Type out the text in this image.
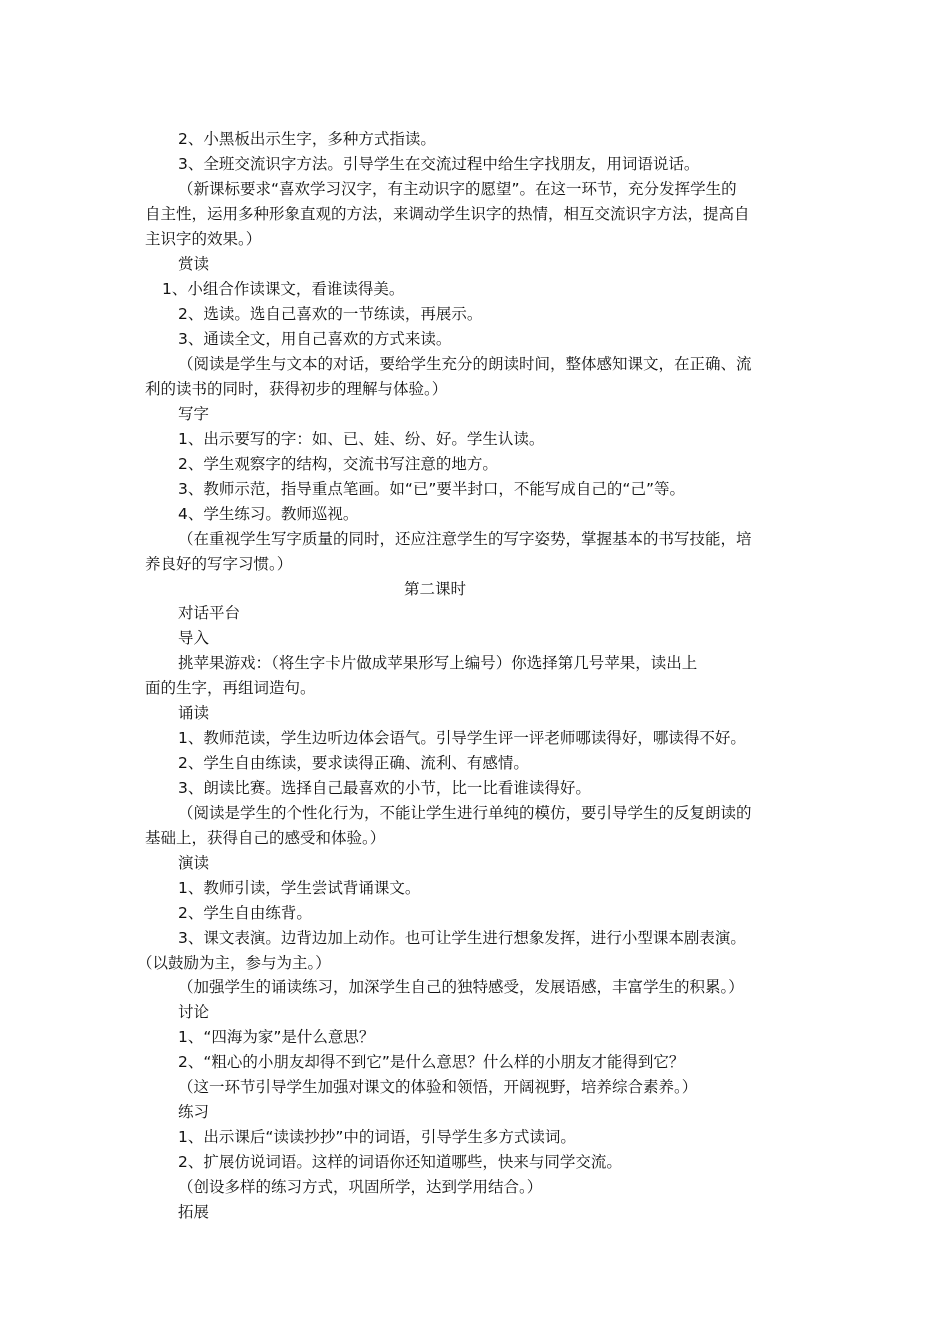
2、小黑板出示生字，多种方式指读。
3、全班交流识字方法。引导学生在交流过程中给生字找朋友，用词语说话。
（新课标要求“喜欢学习汉字，有主动识字的愿望”。在这一环节，充分发挥学生的
自主性，运用多种形象直观的方法，来调动学生识字的热情，相互交流识字方法，提高自
主识字的效果。）
赏读
1、小组合作读课文，看谁读得美。
2、选读。选自己喜欢的一节练读，再展示。
3、通读全文，用自己喜欢的方式来读。
（阅读是学生与文本的对话，要给学生充分的朗读时间，整体感知课文，在正确、流
利的读书的同时，获得初步的理解与体验。）
写字
1、出示要写的字：如、已、娃、纷、好。学生认读。
2、学生观察字的结构，交流书写注意的地方。
3、教师示范，指导重点笔画。如“已”要半封口，不能写成自己的“己”等。
4、学生练习。教师巡视。
（在重视学生写字质量的同时，还应注意学生的写字姿势，掌握基本的书写技能，培
养良好的写字习惯。）
第二课时
对话平台
导入
挑苹果游戏：（将生字卡片做成苹果形写上编号）你选择第几号苹果，读出上
面的生字，再组词造句。
诵读
1、教师范读，学生边听边体会语气。引导学生评一评老师哪读得好，哪读得不好。
2、学生自由练读，要求读得正确、流利、有感情。
3、朗读比赛。选择自己最喜欢的小节，比一比看谁读得好。
（阅读是学生的个性化行为，不能让学生进行单纯的模仿，要引导学生的反复朗读的
基础上，获得自己的感受和体验。）
演读
1、教师引读，学生尝试背诵课文。
2、学生自由练背。
3、课文表演。边背边加上动作。也可让学生进行想象发挥，进行小型课本剧表演。
（以鼓励为主，参与为主。）
（加强学生的诵读练习，加深学生自己的独特感受，发展语感，丰富学生的积累。）
讨论
1、“四海为家”是什么意思？
2、“粗心的小朋友却得不到它”是什么意思？什么样的小朋友才能得到它？
（这一环节引导学生加强对课文的体验和领悟，开阔视野，培养综合素养。）
练习
1、出示课后“读读抄抄”中的词语，引导学生多方式读词。
2、扩展仿说词语。这样的词语你还知道哪些，快来与同学交流。
（创设多样的练习方式，巩固所学，达到学用结合。）
拓展
